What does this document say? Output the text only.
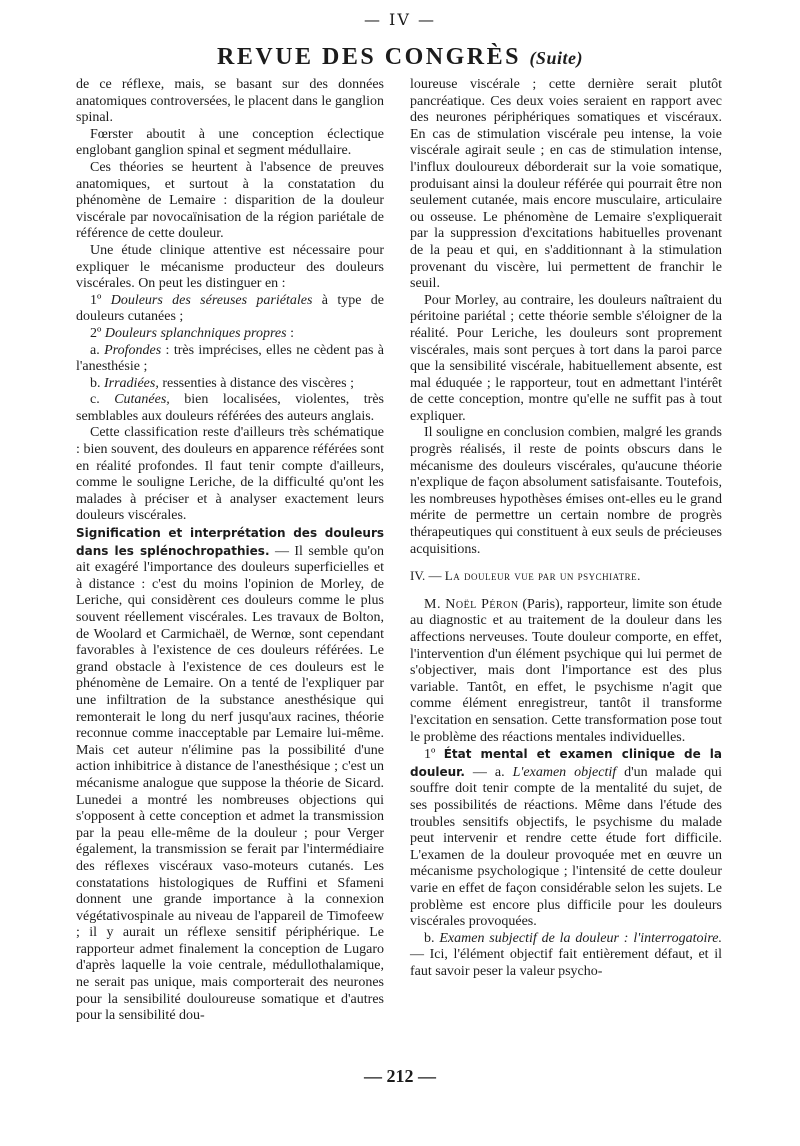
— IV —
REVUE DES CONGRÈS (Suite)

de ce réflexe, mais, se basant sur des données anatomiques controversées, le placent dans le ganglion spinal.

Fœrster aboutit à une conception éclectique englobant ganglion spinal et segment médullaire.

Ces théories se heurtent à l'absence de preuves anatomiques, et surtout à la constatation du phénomène de Lemaire : disparition de la douleur viscérale par novocaïnisation de la région pariétale de référence de cette douleur.

Une étude clinique attentive est nécessaire pour expliquer le mécanisme producteur des douleurs viscérales. On peut les distinguer en :

1º Douleurs des séreuses pariétales à type de douleurs cutanées ;

2º Douleurs splanchniques propres :

a. Profondes : très imprécises, elles ne cèdent pas à l'anesthésie ;

b. Irradiées, ressenties à distance des viscères ;

c. Cutanées, bien localisées, violentes, très semblables aux douleurs référées des auteurs anglais.

Cette classification reste d'ailleurs très schématique : bien souvent, des douleurs en apparence référées sont en réalité profondes. Il faut tenir compte d'ailleurs, comme le souligne Leriche, de la difficulté qu'ont les malades à préciser et à analyser exactement leurs douleurs viscérales.

Signification et interprétation des douleurs dans les splénochropathies. — Il semble qu'on ait exagéré l'importance des douleurs superficielles et à distance : c'est du moins l'opinion de Morley, de Leriche, qui considèrent ces douleurs comme le plus souvent réellement viscérales. Les travaux de Bolton, de Woolard et Carmichaël, de Wernœ, sont cependant favorables à l'existence de ces douleurs référées. Le grand obstacle à l'existence de ces douleurs est le phénomène de Lemaire. On a tenté de l'expliquer par une infiltration de la substance anesthésique qui remonterait le long du nerf jusqu'aux racines, théorie reconnue comme inacceptable par Lemaire lui-même. Mais cet auteur n'élimine pas la possibilité d'une action inhibitrice à distance de l'anesthésique ; c'est un mécanisme analogue que suppose la théorie de Sicard. Lunedei a montré les nombreuses objections qui s'opposent à cette conception et admet la transmission par la peau elle-même de la douleur ; pour Verger également, la transmission se ferait par l'intermédiaire des réflexes viscéraux vaso-moteurs cutanés. Les constatations histologiques de Ruffini et Sfameni donnent une grande importance à la connexion végétativospinale au niveau de l'appareil de Timofeew ; il y aurait un réflexe sensitif périphérique. Le rapporteur admet finalement la conception de Lugaro d'après laquelle la voie centrale, médullothalamique, ne serait pas unique, mais comporterait des neurones pour la sensibilité douloureuse somatique et d'autres pour la sensibilité dou-

loureuse viscérale ; cette dernière serait plutôt pancréatique. Ces deux voies seraient en rapport avec des neurones périphériques somatiques et viscéraux. En cas de stimulation viscérale peu intense, la voie viscérale agirait seule ; en cas de stimulation intense, l'influx douloureux déborderait sur la voie somatique, produisant ainsi la douleur référée qui pourrait être non seulement cutanée, mais encore musculaire, articulaire ou osseuse. Le phénomène de Lemaire s'expliquerait par la suppression d'excitations habituelles provenant de la peau et qui, en s'additionnant à la stimulation provenant du viscère, lui permettent de franchir le seuil.

Pour Morley, au contraire, les douleurs naîtraient du péritoine pariétal ; cette théorie semble s'éloigner de la réalité. Pour Leriche, les douleurs sont proprement viscérales, mais sont perçues à tort dans la paroi parce que la sensibilité viscérale, habituellement absente, est mal éduquée ; le rapporteur, tout en admettant l'intérêt de cette conception, montre qu'elle ne suffit pas à tout expliquer.

Il souligne en conclusion combien, malgré les grands progrès réalisés, il reste de points obscurs dans le mécanisme des douleurs viscérales, qu'aucune théorie n'explique de façon absolument satisfaisante. Toutefois, les nombreuses hypothèses émises ont-elles eu le grand mérite de permettre un certain nombre de progrès thérapeutiques qui constituent à eux seuls de précieuses acquisitions.

IV. — La douleur vue par un psychiatre.

M. Noël Péron (Paris), rapporteur, limite son étude au diagnostic et au traitement de la douleur dans les affections nerveuses. Toute douleur comporte, en effet, l'intervention d'un élément psychique qui lui permet de s'objectiver, mais dont l'importance est des plus variable. Tantôt, en effet, le psychisme n'agit que comme élément enregistreur, tantôt il transforme l'excitation en sensation. Cette transformation pose tout le problème des réactions mentales individuelles.

1º État mental et examen clinique de la douleur. — a. L'examen objectif d'un malade qui souffre doit tenir compte de la mentalité du sujet, de ses possibilités de réactions. Même dans l'étude des troubles sensitifs objectifs, le psychisme du malade peut intervenir et rendre cette étude fort difficile. L'examen de la douleur provoquée met en œuvre un mécanisme psychologique ; l'intensité de cette douleur varie en effet de façon considérable selon les sujets. Le problème est encore plus difficile pour les douleurs viscérales provoquées.

b. Examen subjectif de la douleur : l'interrogatoire. — Ici, l'élément objectif fait entièrement défaut, et il faut savoir peser la valeur psycho-

— 212 —
